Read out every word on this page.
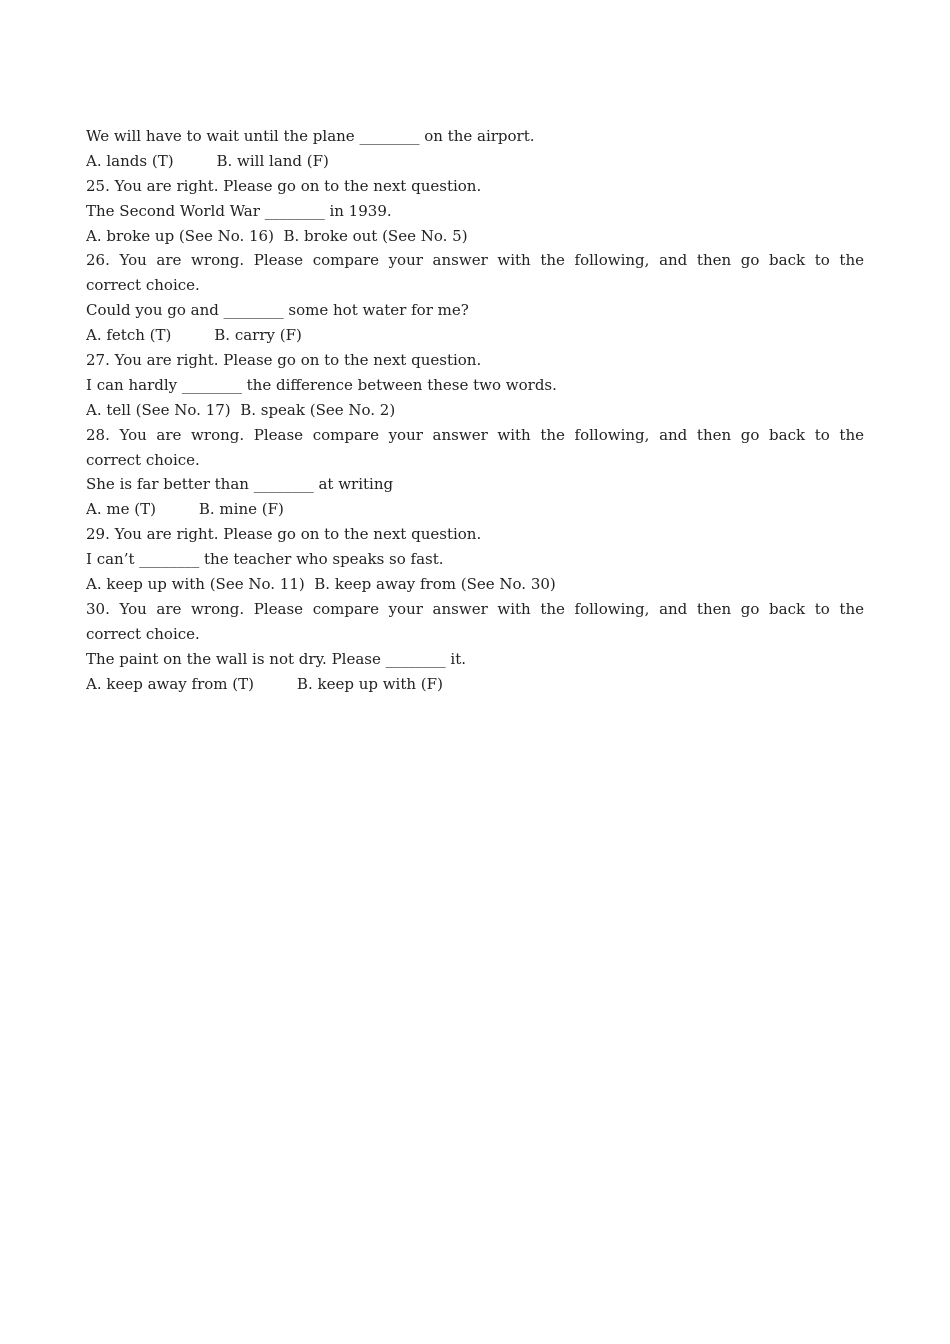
We will have to wait until the plane ________ on the airport.
A. lands (T)         B. will land (F)
25. You are right. Please go on to the next question.
The Second World War ________ in 1939.
A. broke up (See No. 16)  B. broke out (See No. 5)
26. You are wrong. Please compare your answer with the following, and then go back to the
correct choice.
Could you go and ________ some hot water for me?
A. fetch (T)         B. carry (F)
27. You are right. Please go on to the next question.
I can hardly ________ the difference between these two words.
A. tell (See No. 17)  B. speak (See No. 2)
28. You are wrong. Please compare your answer with the following, and then go back to the
correct choice.
She is far better than ________ at writing
A. me (T)         B. mine (F)
29. You are right. Please go on to the next question.
I can’t ________ the teacher who speaks so fast.
A. keep up with (See No. 11)  B. keep away from (See No. 30)
30. You are wrong. Please compare your answer with the following, and then go back to the
correct choice.
The paint on the wall is not dry. Please ________ it.
A. keep away from (T)         B. keep up with (F)
